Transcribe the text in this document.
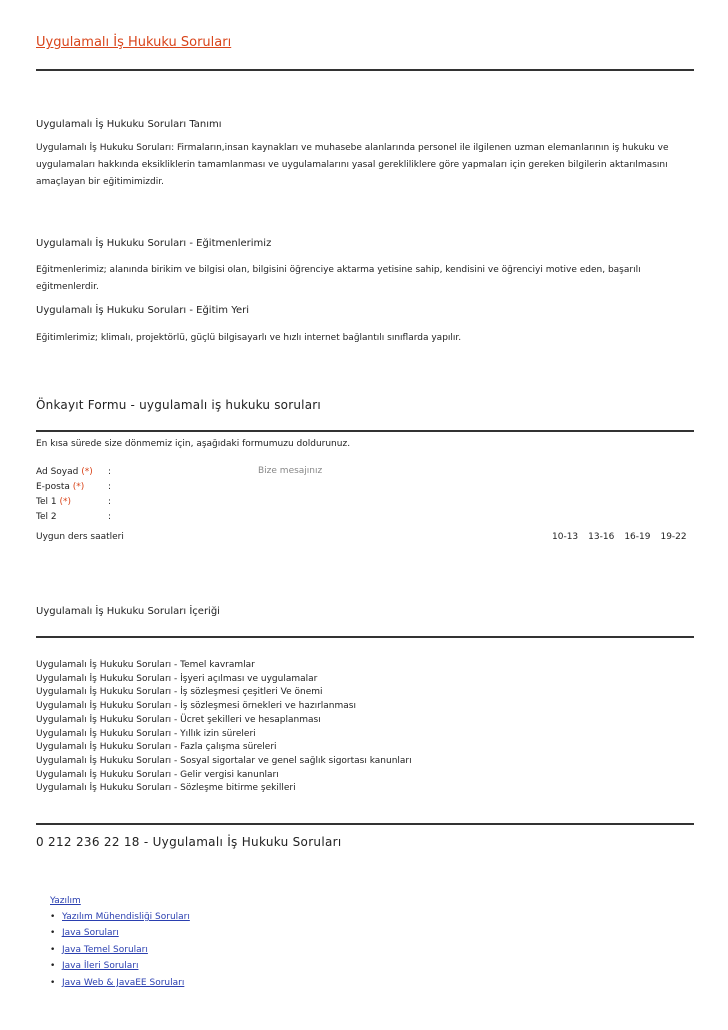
Uygulamalı İş Hukuku Soruları
Uygulamalı İş Hukuku Soruları Tanımı
Uygulamalı İş Hukuku Soruları: Firmaların,insan kaynakları ve muhasebe alanlarında personel ile ilgilenen uzman elemanlarının iş hukuku ve uygulamaları hakkında eksikliklerin tamamlanması ve uygulamalarını yasal gerekliliklere göre yapmaları için gereken bilgilerin aktarılmasını amaçlayan bir eğitimimizdir.
Uygulamalı İş Hukuku Soruları - Eğitmenlerimiz
Eğitmenlerimiz; alanında birikim ve bilgisi olan, bilgisini öğrenciye aktarma yetisine sahip, kendisini ve öğrenciyi motive eden, başarılı eğitmenlerdir.
Uygulamalı İş Hukuku Soruları - Eğitim Yeri
Eğitimlerimiz; klimalı, projektörlü, güçlü bilgisayarlı ve hızlı internet bağlantılı sınıflarda yapılır.
Önkayıt Formu - uygulamalı iş hukuku soruları
En kısa sürede size dönmemiz için, aşağıdaki formumuzu doldurunuz.
Ad Soyad (*) :
E-posta (*)	:
Tel 1 (*)	:
Tel 2	:
Bize mesajınız
Uygun ders saatleri	10-13 13-16 16-19 19-22
Uygulamalı İş Hukuku Soruları İçeriği
Uygulamalı İş Hukuku Soruları - Temel kavramlar
Uygulamalı İş Hukuku Soruları - İşyeri açılması ve uygulamalar
Uygulamalı İş Hukuku Soruları - İş sözleşmesi çeşitleri Ve önemi
Uygulamalı İş Hukuku Soruları - İş sözleşmesi örnekleri ve hazırlanması
Uygulamalı İş Hukuku Soruları - Ücret şekilleri ve hesaplanması
Uygulamalı İş Hukuku Soruları - Yıllık izin süreleri
Uygulamalı İş Hukuku Soruları - Fazla çalışma süreleri
Uygulamalı İş Hukuku Soruları - Sosyal sigortalar ve genel sağlık sigortası kanunları
Uygulamalı İş Hukuku Soruları - Gelir vergisi kanunları
Uygulamalı İş Hukuku Soruları - Sözleşme bitirme şekilleri
0 212 236 22 18 - Uygulamalı İş Hukuku Soruları
Yazılım
• Yazılım Mühendisliği Soruları
• Java Soruları
• Java Temel Soruları
• Java İleri Soruları
• Java Web & JavaEE Soruları
